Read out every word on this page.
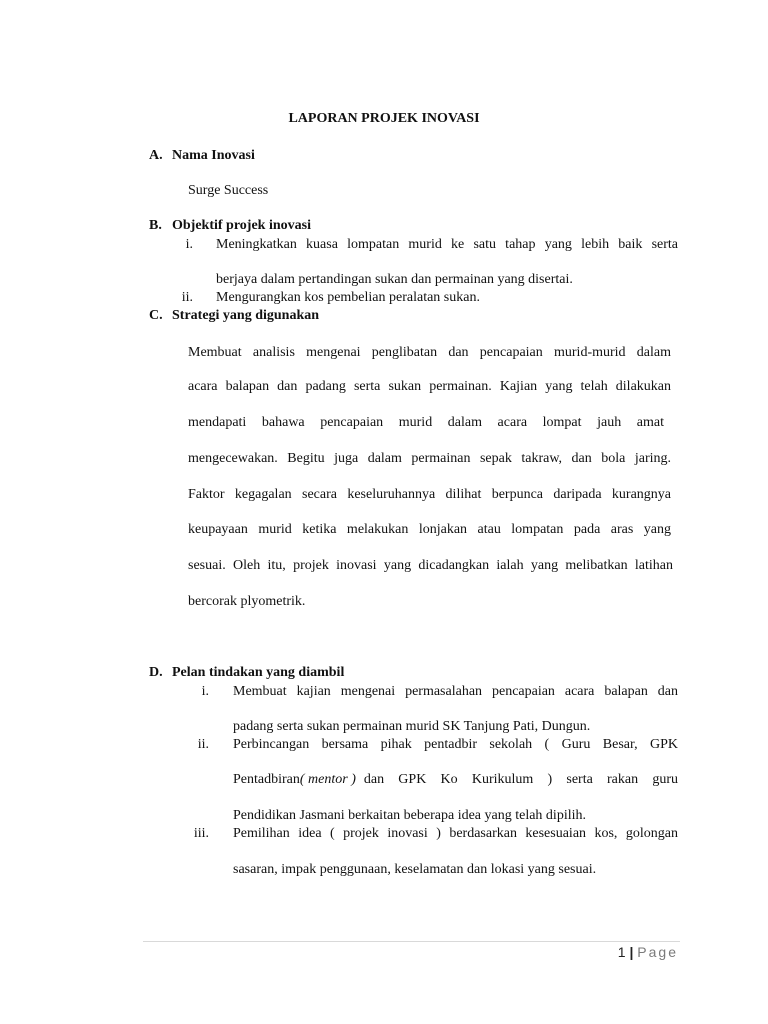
LAPORAN PROJEK INOVASI
A. Nama Inovasi
Surge Success
B. Objektif projek inovasi
i. Meningkatkan kuasa lompatan murid ke satu tahap yang lebih baik serta
berjaya dalam pertandingan sukan dan permainan yang disertai.
ii. Mengurangkan kos pembelian peralatan sukan.
C. Strategi yang digunakan
Membuat analisis mengenai penglibatan dan pencapaian murid-murid dalam
acara balapan dan padang serta sukan permainan. Kajian yang telah dilakukan
mendapati bahawa pencapaian murid dalam acara lompat jauh amat
mengecewakan. Begitu juga dalam permainan sepak takraw, dan bola jaring.
Faktor kegagalan secara keseluruhannya dilihat berpunca daripada kurangnya
keupayaan murid ketika melakukan lonjakan atau lompatan pada aras yang
sesuai. Oleh itu, projek inovasi yang dicadangkan ialah yang melibatkan latihan
bercorak plyometrik.
D. Pelan tindakan yang diambil
i. Membuat kajian mengenai permasalahan pencapaian acara balapan dan
padang serta sukan permainan murid SK Tanjung Pati, Dungun.
ii. Perbincangan bersama pihak pentadbir sekolah ( Guru Besar, GPK
Pentadbiran ( mentor ) dan GPK Ko Kurikulum ) serta rakan guru
Pendidikan Jasmani berkaitan beberapa idea yang telah dipilih.
iii. Pemilihan idea ( projek inovasi ) berdasarkan kesesuaian kos, golongan
sasaran, impak penggunaan, keselamatan dan lokasi yang sesuai.
1 | Page
